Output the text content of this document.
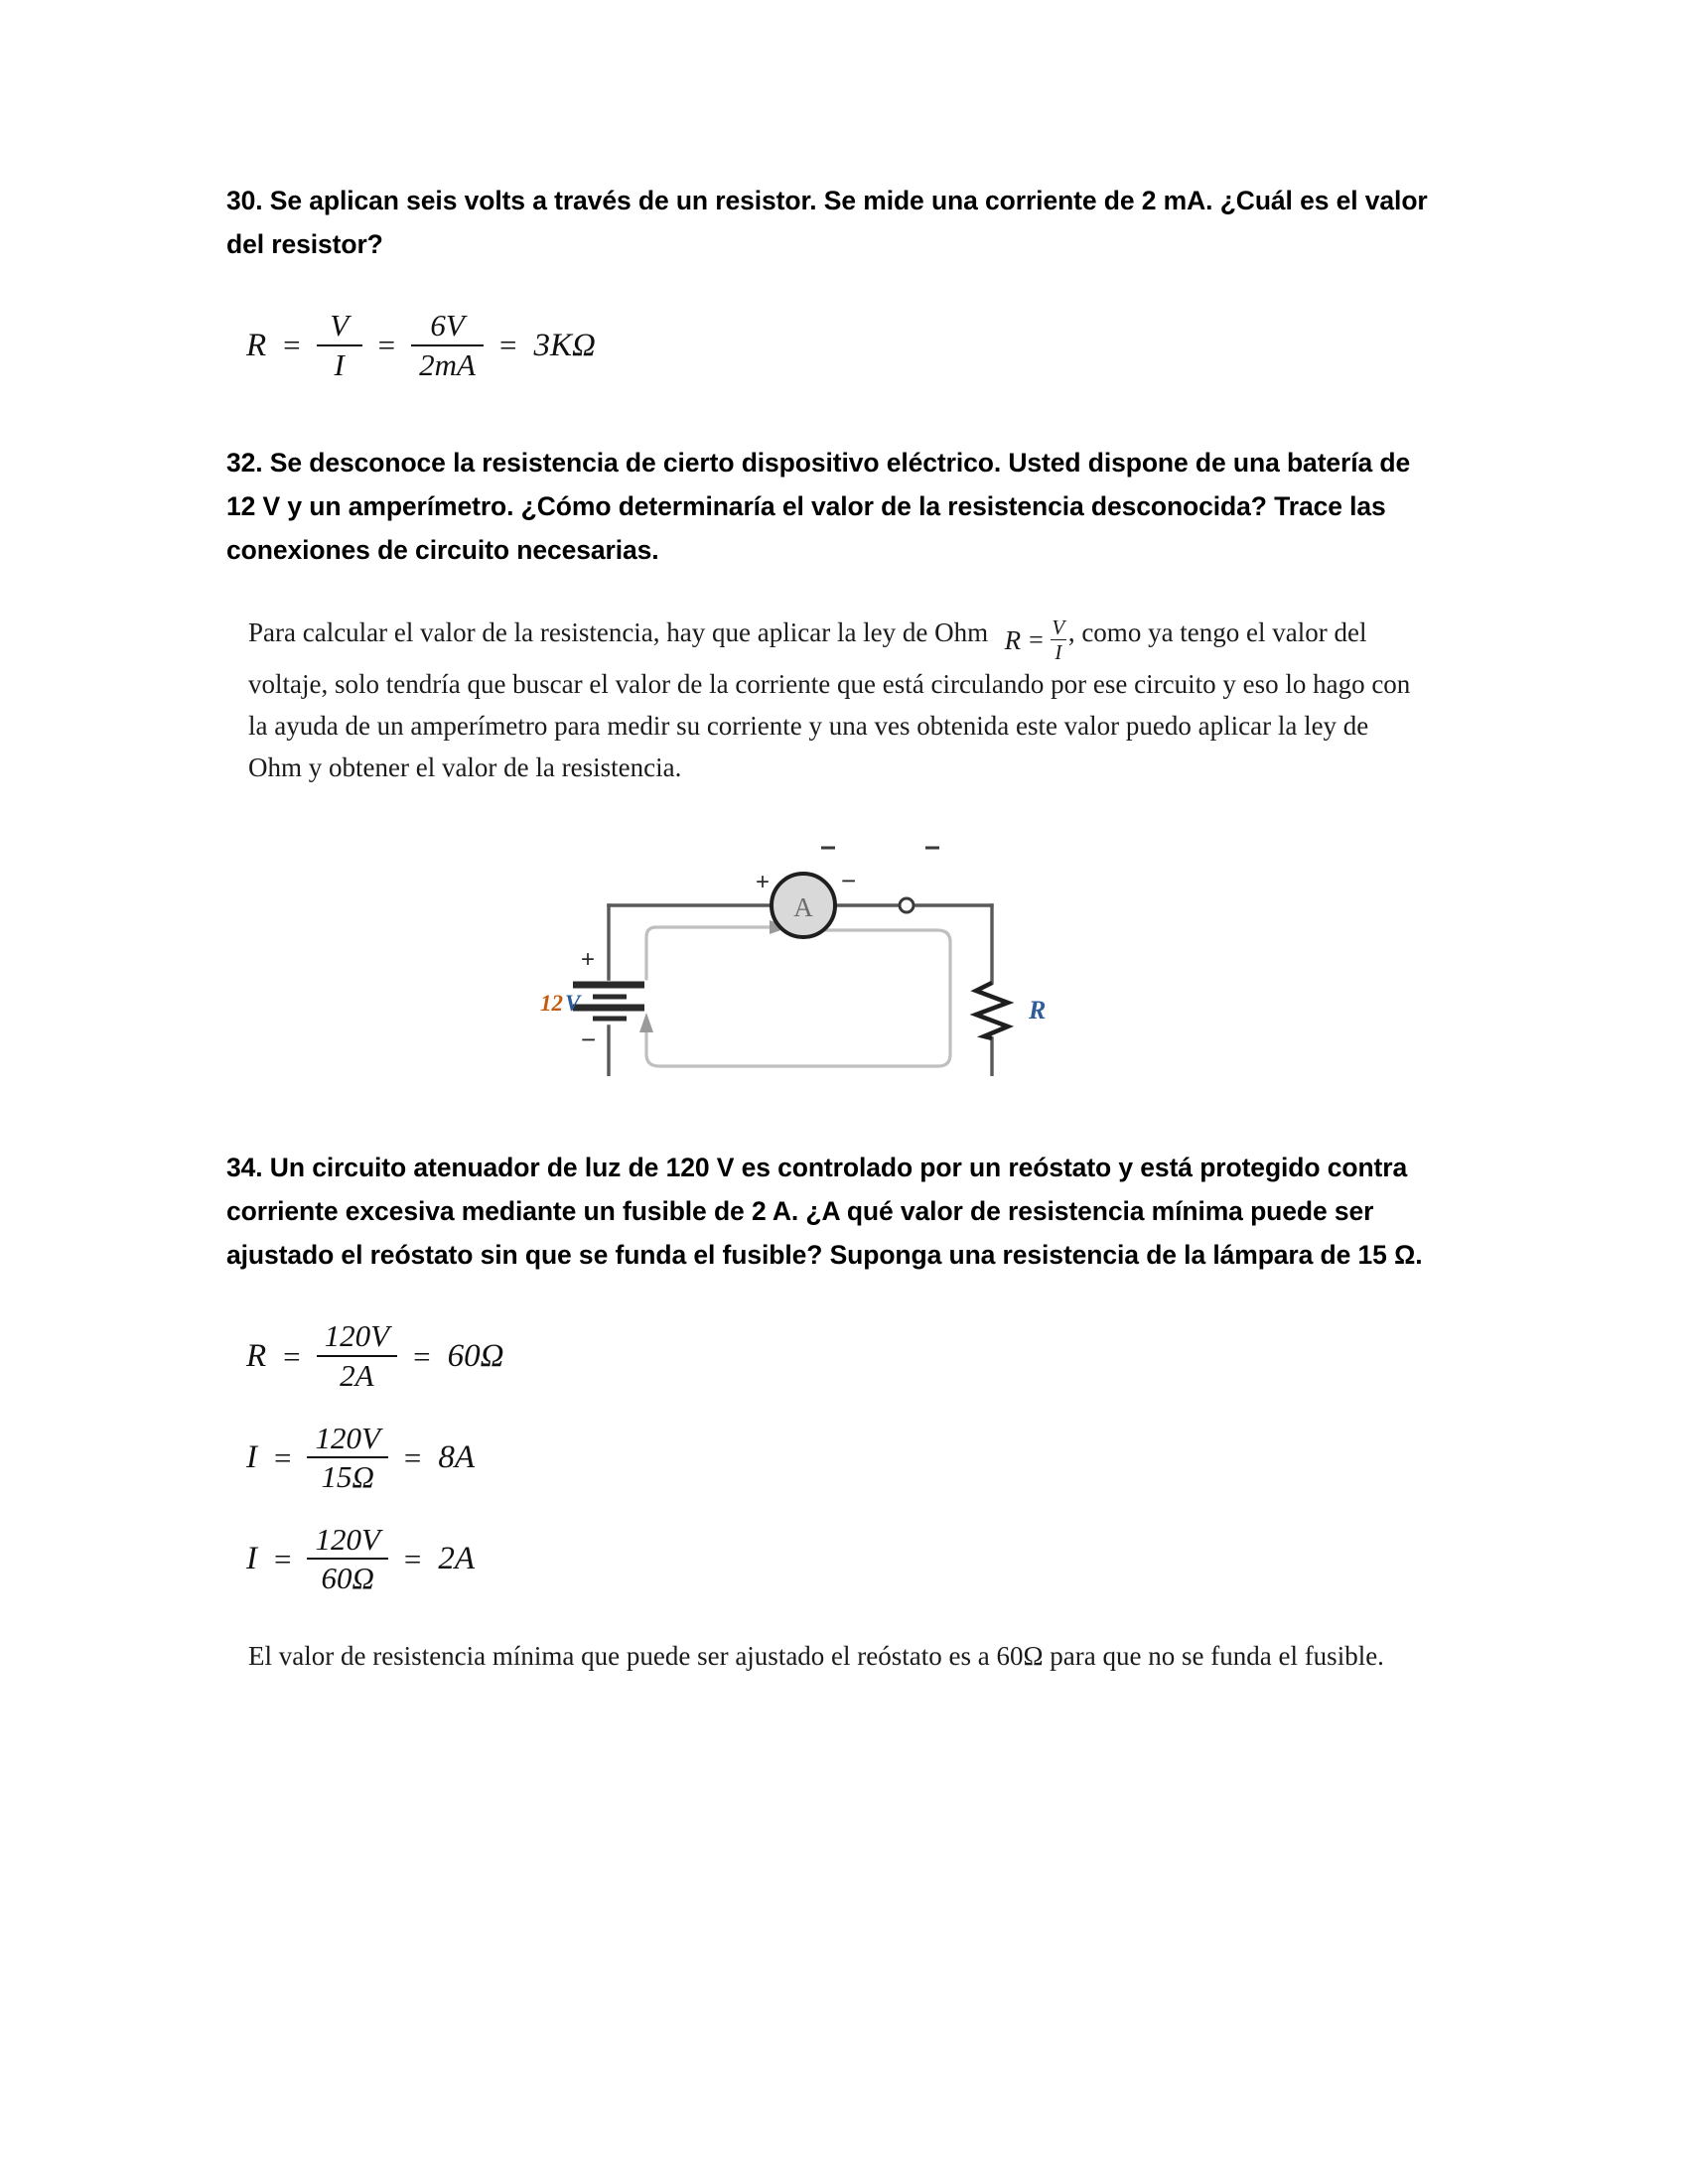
30. Se aplican seis volts a través de un resistor. Se mide una corriente de 2 mA. ¿Cuál es el valor del resistor?

$R = \frac{V}{I} = \frac{6V}{2mA} = 3K\Omega$

32. Se desconoce la resistencia de cierto dispositivo eléctrico. Usted dispone de una batería de 12 V y un amperímetro. ¿Cómo determinaría el valor de la resistencia desconocida? Trace las conexiones de circuito necesarias.

Para calcular el valor de la resistencia, hay que aplicar la ley de Ohm $R = \frac{V}{I}$ , como ya tengo el valor del voltaje, solo tendría que buscar el valor de la corriente que está circulando por ese circuito y eso lo hago con la ayuda de un amperímetro para medir su corriente y una ves obtenida este valor puedo aplicar la ley de Ohm y obtener el valor de la resistencia.

12 V
+
−
A
+	−
R

34. Un circuito atenuador de luz de 120 V es controlado por un reóstato y está protegido contra corriente excesiva mediante un fusible de 2 A. ¿A qué valor de resistencia mínima puede ser ajustado el reóstato sin que se funda el fusible? Suponga una resistencia de la lámpara de 15 Ω.

$R = \frac{120V}{2A} = 60\Omega$
$I = \frac{120V}{15\Omega} = 8A$
$I = \frac{120V}{60\Omega} = 2A$

El valor de resistencia mínima que puede ser ajustado el reóstato es a 60Ω para que no se funda el fusible.
